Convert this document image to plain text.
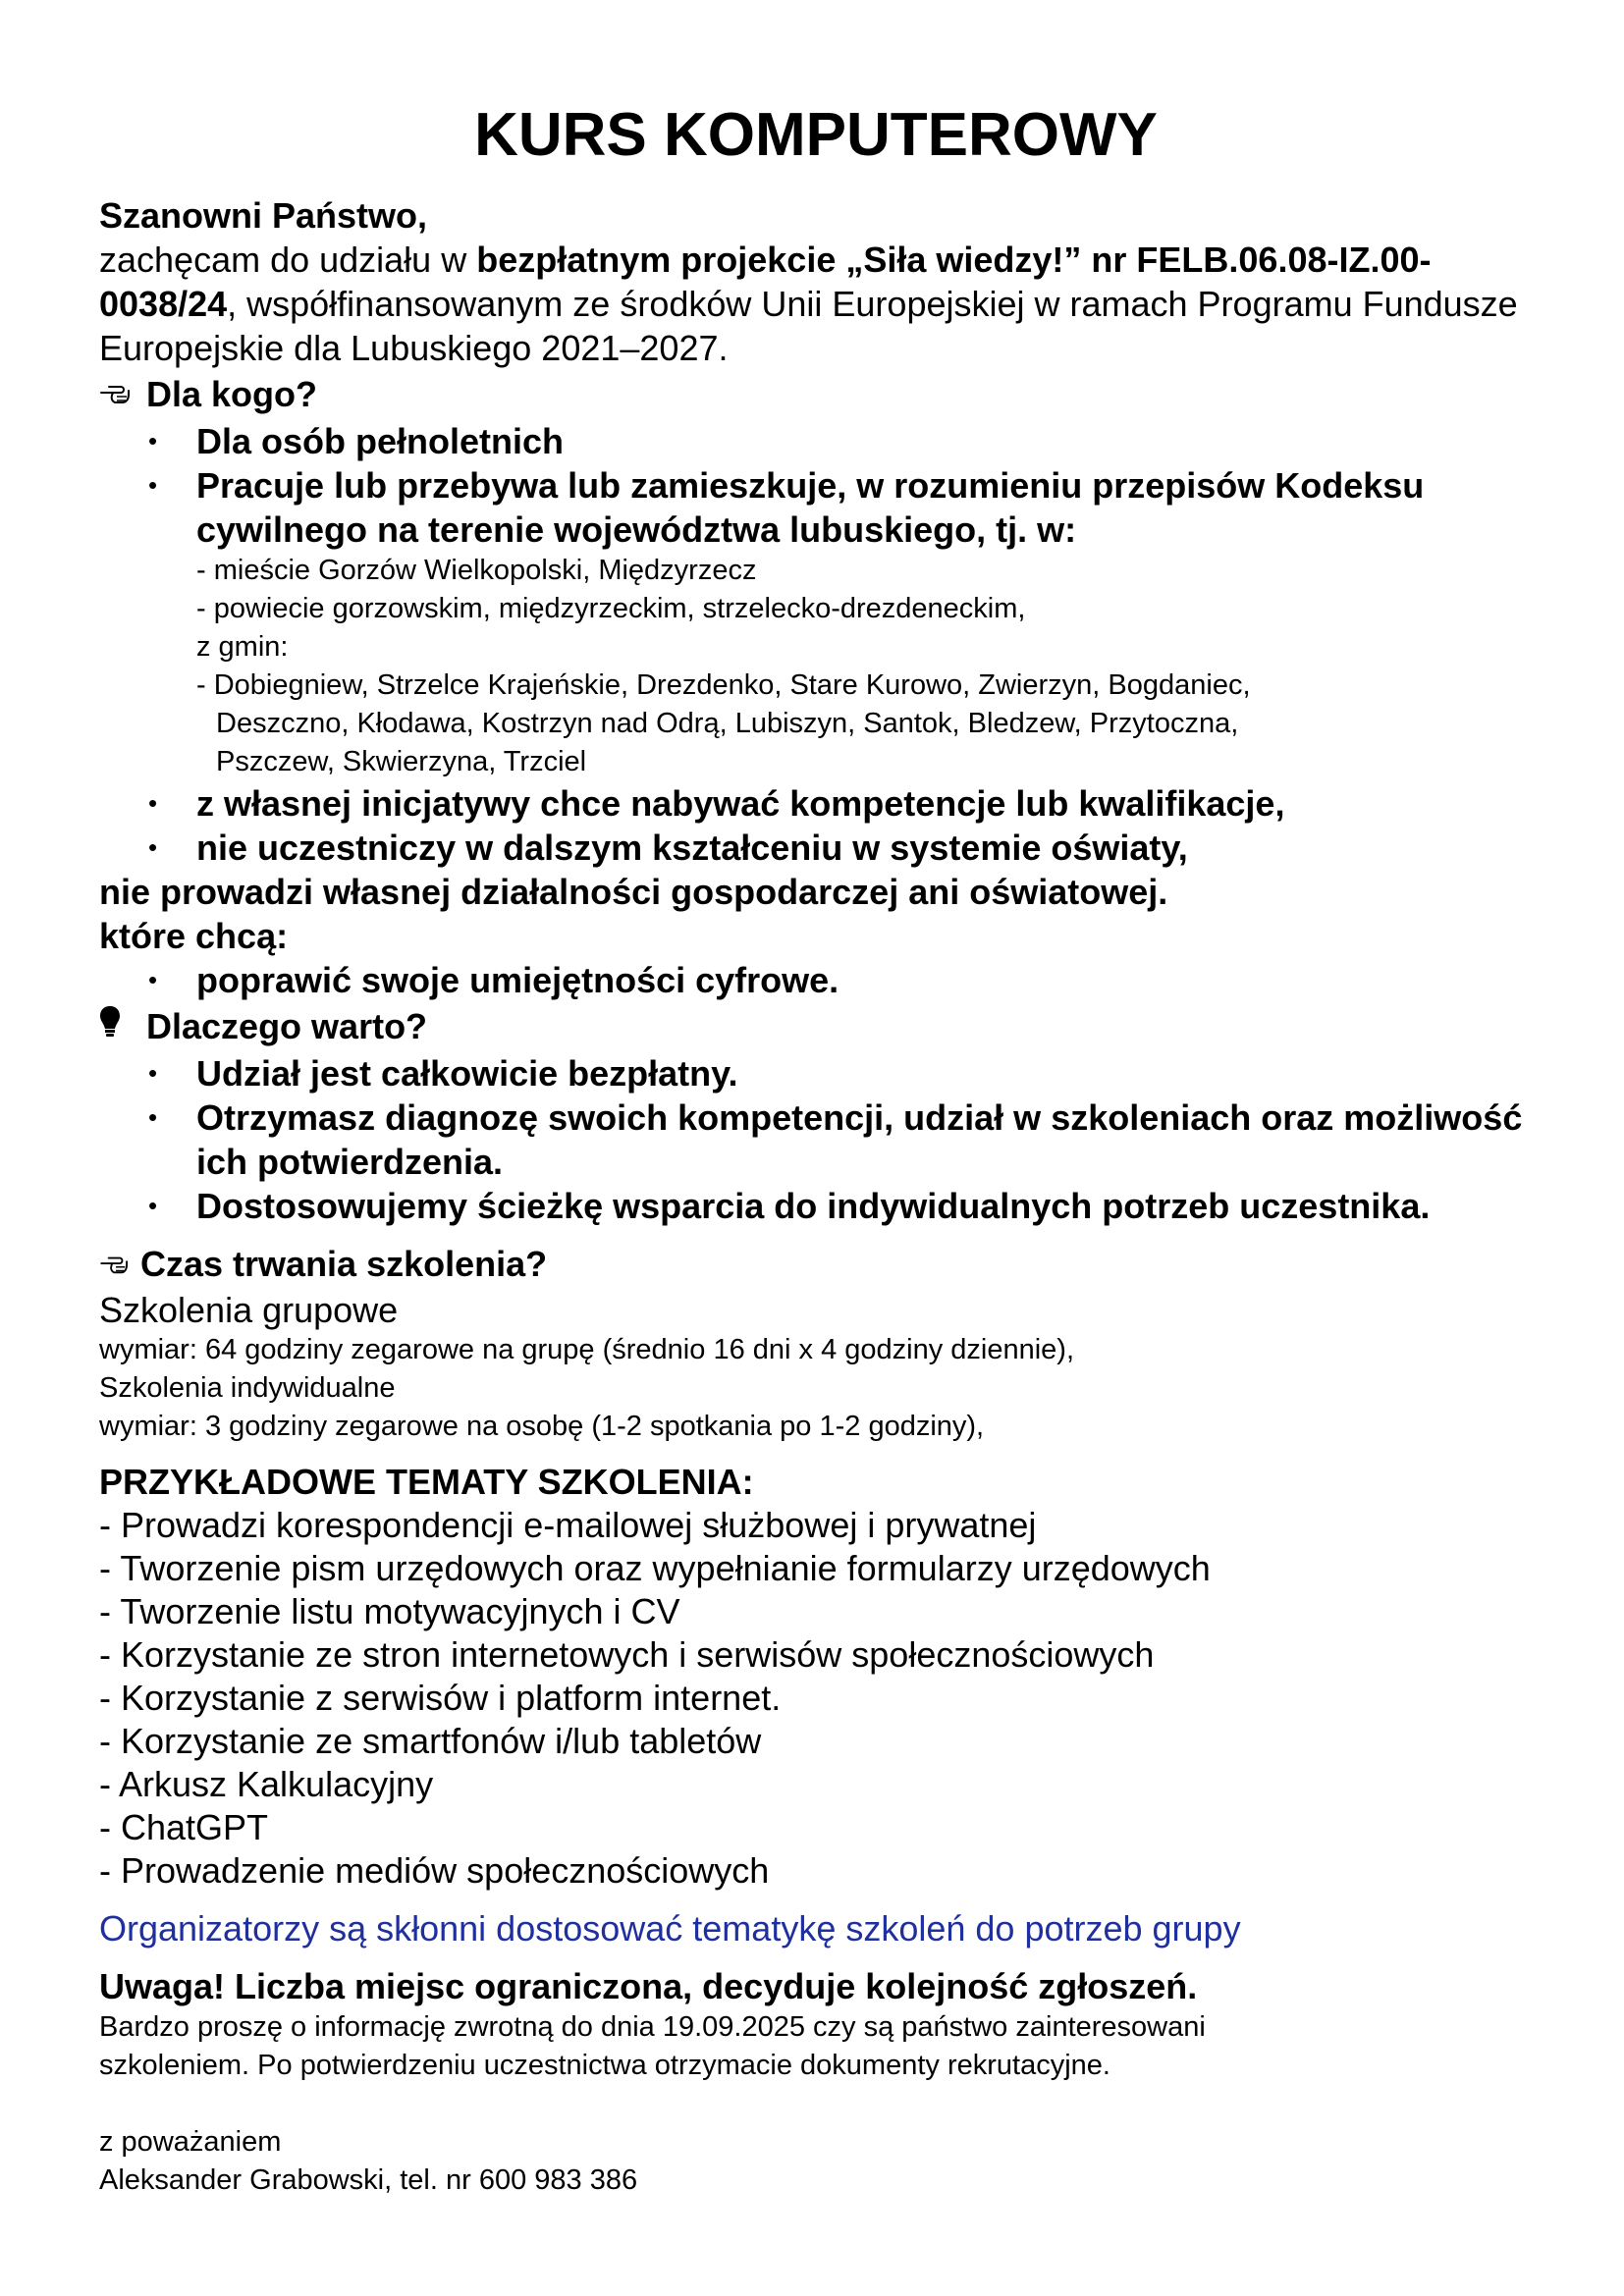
KURS KOMPUTEROWY

Szanowni Państwo,

zachęcam do udziału w bezpłatnym projekcie „Siła wiedzy!” nr FELB.06.08-IZ.00-0038/24, współfinansowanym ze środków Unii Europejskiej w ramach Programu Fundusze Europejskie dla Lubuskiego 2021–2027.

Dla kogo?
• Dla osób pełnoletnich
• Pracuje lub przebywa lub zamieszkuje, w rozumieniu przepisów Kodeksu cywilnego na terenie województwa lubuskiego, tj. w:
- mieście Gorzów Wielkopolski, Międzyrzecz
- powiecie gorzowskim, międzyrzeckim, strzelecko-drezdeneckim,
z gmin:
- Dobiegniew, Strzelce Krajeńskie, Drezdenko, Stare Kurowo, Zwierzyn, Bogdaniec,
Deszczno, Kłodawa, Kostrzyn nad Odrą, Lubiszyn, Santok, Bledzew, Przytoczna,
Pszczew, Skwierzyna, Trzciel
• z własnej inicjatywy chce nabywać kompetencje lub kwalifikacje,
• nie uczestniczy w dalszym kształceniu w systemie oświaty,

nie prowadzi własnej działalności gospodarczej ani oświatowej.

które chcą:

• poprawić swoje umiejętności cyfrowe.
Dlaczego warto?
• Udział jest całkowicie bezpłatny.
• Otrzymasz diagnozę swoich kompetencji, udział w szkoleniach oraz możliwość ich potwierdzenia.
• Dostosowujemy ścieżkę wsparcia do indywidualnych potrzeb uczestnika.
Czas trwania szkolenia?

Szkolenia grupowe

wymiar: 64 godziny zegarowe na grupę (średnio 16 dni x 4 godziny dziennie),

Szkolenia indywidualne

wymiar: 3 godziny zegarowe na osobę (1-2 spotkania po 1-2 godziny),

PRZYKŁADOWE TEMATY SZKOLENIA:

- Prowadzi korespondencji e-mailowej służbowej i prywatnej
- Tworzenie pism urzędowych oraz wypełnianie formularzy urzędowych
- Tworzenie listu motywacyjnych i CV
- Korzystanie ze stron internetowych i serwisów społecznościowych
- Korzystanie z serwisów i platform internet.
- Korzystanie ze smartfonów i/lub tabletów
- Arkusz Kalkulacyjny
- ChatGPT
- Prowadzenie mediów społecznościowych

Organizatorzy są skłonni dostosować tematykę szkoleń do potrzeb grupy

Uwaga! Liczba miejsc ograniczona, decyduje kolejność zgłoszeń.

Bardzo proszę o informację zwrotną do dnia 19.09.2025 czy są państwo zainteresowani

szkoleniem. Po potwierdzeniu uczestnictwa otrzymacie dokumenty rekrutacyjne.

z poważaniem

Aleksander Grabowski, tel. nr 600 983 386
